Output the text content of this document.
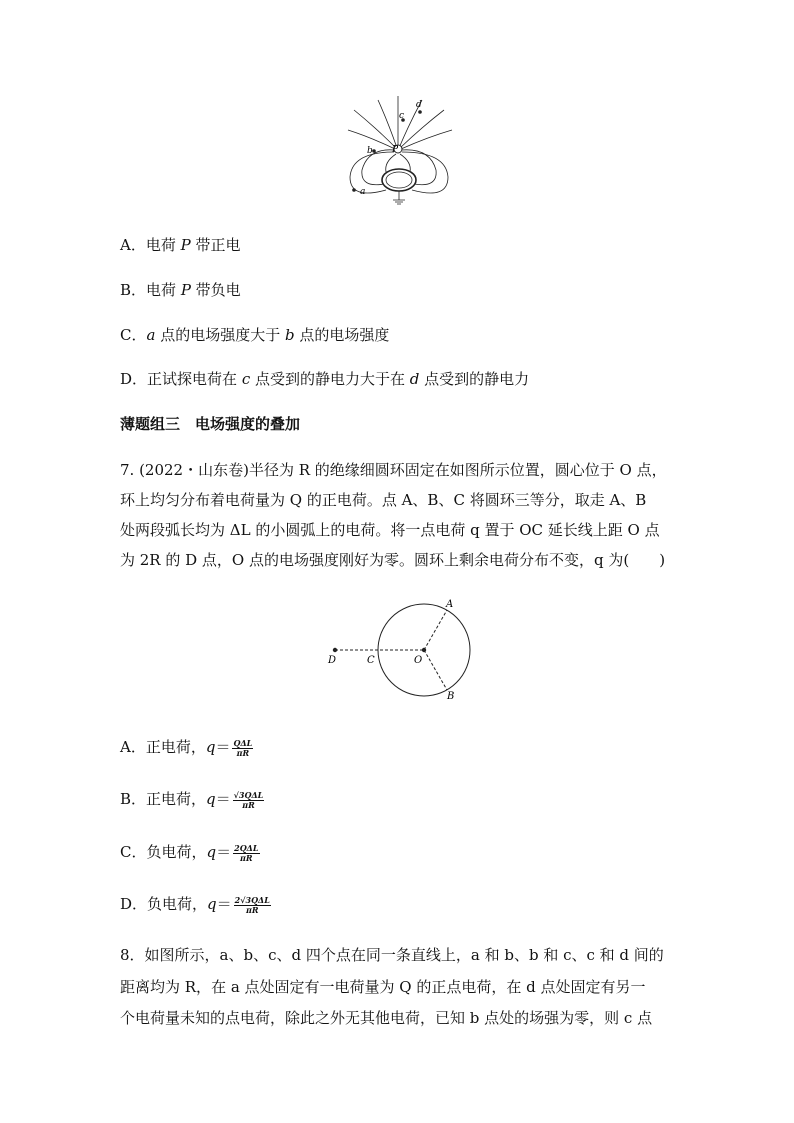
d
c
P
b
a
A．电荷 P 带正电
B．电荷 P 带负电
C．a 点的电场强度大于 b 点的电场强度
D．正试探电荷在 c 点受到的静电力大于在 d 点受到的静电力
薄题组三　电场强度的叠加
7. (2022・山东卷)半径为 R 的绝缘细圆环固定在如图所示位置，圆心位于 O 点，
环上均匀分布着电荷量为 Q 的正电荷。点 A、B、C 将圆环三等分，取走 A、B
处两段弧长均为 ΔL 的小圆弧上的电荷。将一点电荷 q 置于 OC 延长线上距 O 点
为 2R 的 D 点，O 点的电场强度刚好为零。圆环上剩余电荷分布不变，q 为(　　)
D	C	O
A
B
A．正电荷，$q= \frac{\text{QΔL}}{\pi R}$
B．正电荷，$q= \frac{\text{√3QΔL}}{\pi R}$
C．负电荷，$q= \frac{\text{2QΔL}}{\pi R}$
D．负电荷，$q= \frac{\text{2√3QΔL}}{\pi R}$
8．如图所示，a、b、c、d 四个点在同一条直线上，a 和 b、b 和 c、c 和 d 间的
距离均为 R，在 a 点处固定有一电荷量为 Q 的正点电荷，在 d 点处固定有另一
个电荷量未知的点电荷，除此之外无其他电荷，已知 b 点处的场强为零，则 c 点
